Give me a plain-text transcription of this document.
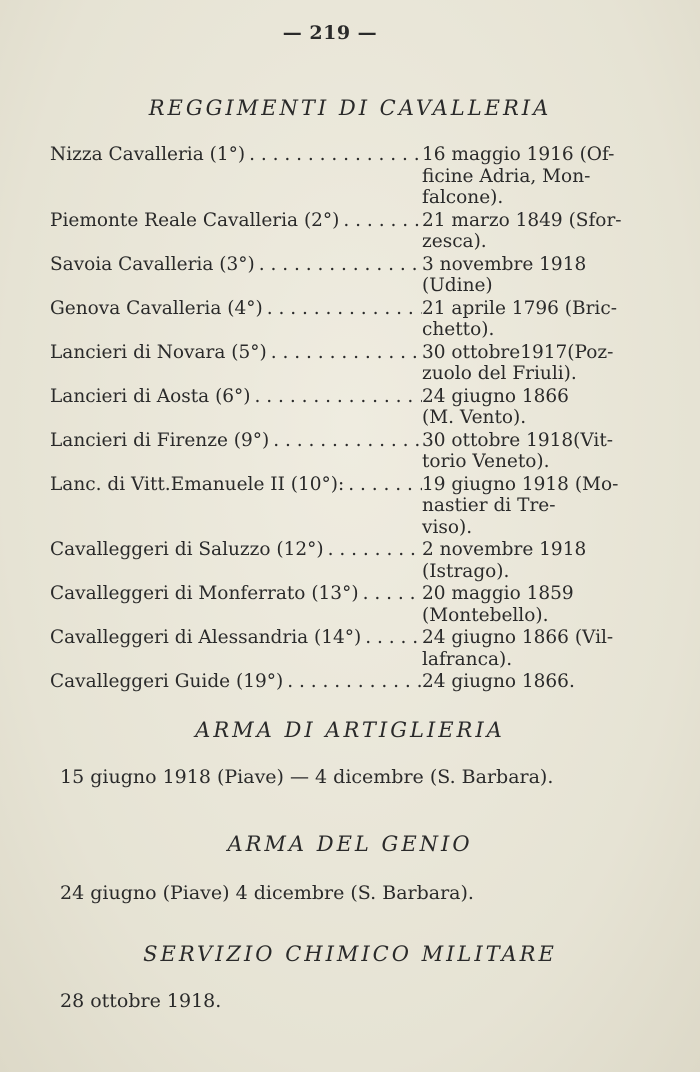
— 219 —
REGGIMENTI DI CAVALLERIA
Nizza Cavalleria (1°) . . .	16 maggio 1916 (Of-
ficine Adria, Mon-
falcone).
Piemonte Reale Cavalleria (2°) . . .	21 marzo 1849 (Sfor-
zesca).
Savoia Cavalleria (3°) . . .	3 novembre 1918
(Udine)
Genova Cavalleria (4°) . . .	21 aprile 1796 (Bric-
chetto).
Lancieri di Novara (5°) . . .	30 ottobre1917(Poz-
zuolo del Friuli).
Lancieri di Aosta (6°) . . .	24 giugno 1866
(M. Vento).
Lancieri di Firenze (9°) . . .	30 ottobre 1918(Vit-
torio Veneto).
Lanc. di Vitt.Emanuele II (10°): . . .	19 giugno 1918 (Mo-
nastier di Tre-
viso).
Cavalleggeri di Saluzzo (12°) . . .	2 novembre 1918
(Istrago).
Cavalleggeri di Monferrato (13°) . . .	20 maggio 1859
(Montebello).
Cavalleggeri di Alessandria (14°) . . .	24 giugno 1866 (Vil-
lafranca).
Cavalleggeri Guide (19°) . . .	24 giugno 1866.
ARMA DI ARTIGLIERIA
15 giugno 1918 (Piave) — 4 dicembre (S. Barbara).
ARMA DEL GENIO
24 giugno (Piave) 4 dicembre (S. Barbara).
SERVIZIO CHIMICO MILITARE
28 ottobre 1918.
